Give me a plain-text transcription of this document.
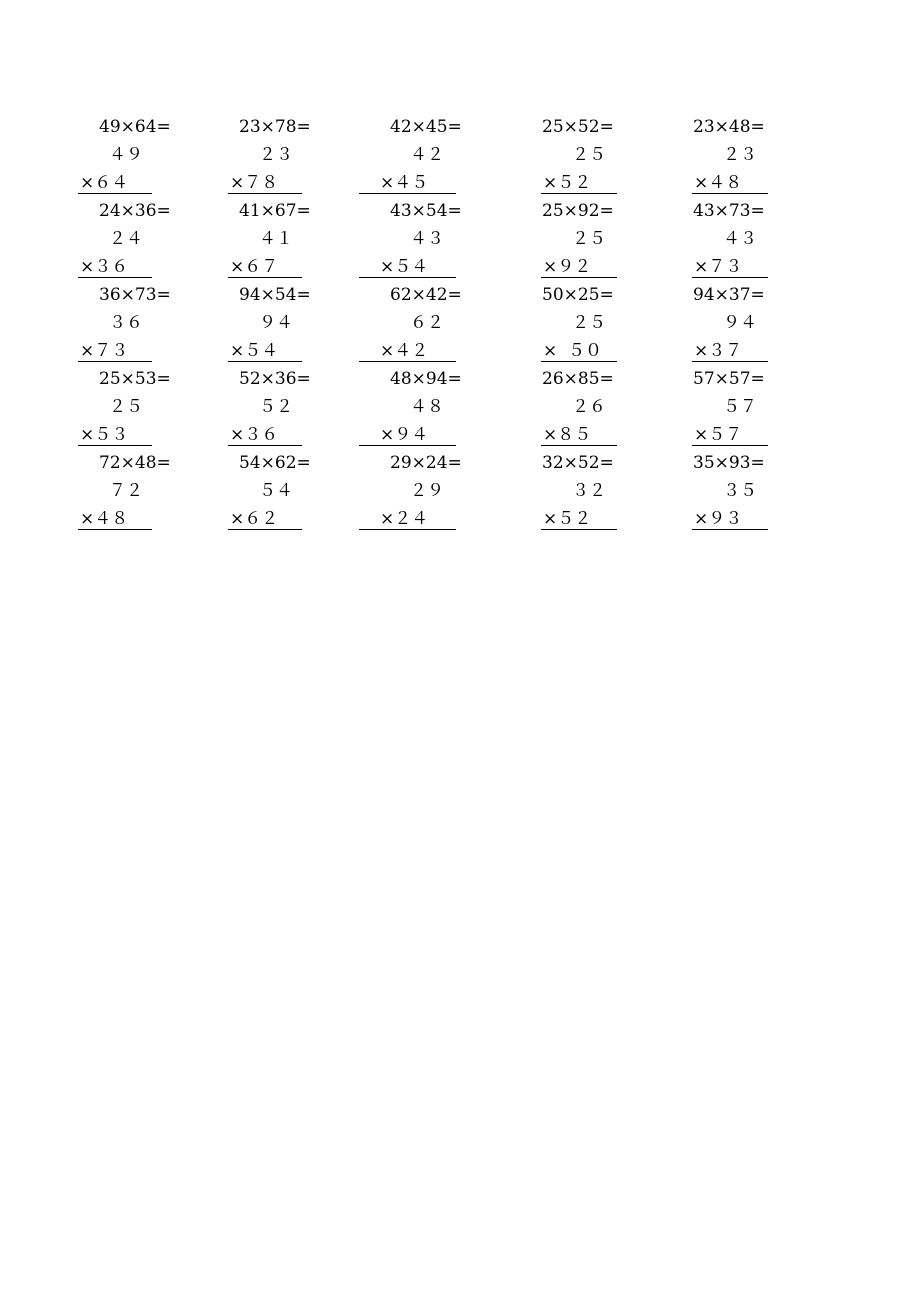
49×64=
４９
×６４
23×78=
２３
×７８
42×45=
４２
×４５
25×52=
２５
×５２
23×48=
２３
×４８
24×36=
２４
×３６
41×67=
４１
×６７
43×54=
４３
×５４
25×92=
２５
×９２
43×73=
４３
×７３
36×73=
３６
×７３
94×54=
９４
×５４
62×42=
６２
×４２
50×25=
２５
×  ５０
94×37=
９４
×３７
25×53=
２５
×５３
52×36=
５２
×３６
48×94=
４８
×９４
26×85=
２６
×８５
57×57=
５７
×５７
72×48=
７２
×４８
54×62=
５４
×６２
29×24=
２９
×２４
32×52=
３２
×５２
35×93=
３５
×９３
